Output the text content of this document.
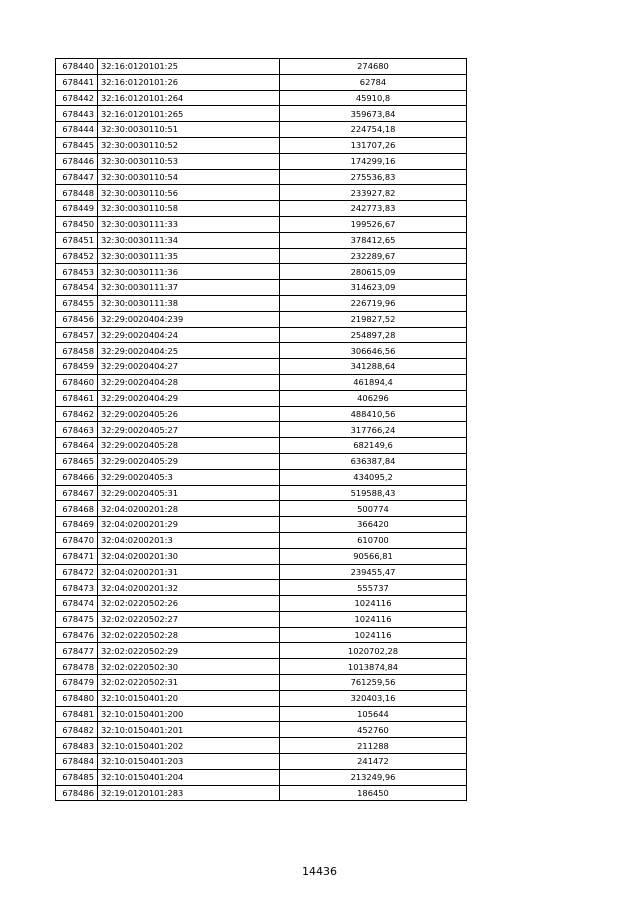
678440	32:16:0120101:25	274680
678441	32:16:0120101:26	62784
678442	32:16:0120101:264	45910,8
678443	32:16:0120101:265	359673,84
678444	32:30:0030110:51	224754,18
678445	32:30:0030110:52	131707,26
678446	32:30:0030110:53	174299,16
678447	32:30:0030110:54	275536,83
678448	32:30:0030110:56	233927,82
678449	32:30:0030110:58	242773,83
678450	32:30:0030111:33	199526,67
678451	32:30:0030111:34	378412,65
678452	32:30:0030111:35	232289,67
678453	32:30:0030111:36	280615,09
678454	32:30:0030111:37	314623,09
678455	32:30:0030111:38	226719,96
678456	32:29:0020404:239	219827,52
678457	32:29:0020404:24	254897,28
678458	32:29:0020404:25	306646,56
678459	32:29:0020404:27	341288,64
678460	32:29:0020404:28	461894,4
678461	32:29:0020404:29	406296
678462	32:29:0020405:26	488410,56
678463	32:29:0020405:27	317766,24
678464	32:29:0020405:28	682149,6
678465	32:29:0020405:29	636387,84
678466	32:29:0020405:3	434095,2
678467	32:29:0020405:31	519588,43
678468	32:04:0200201:28	500774
678469	32:04:0200201:29	366420
678470	32:04:0200201:3	610700
678471	32:04:0200201:30	90566,81
678472	32:04:0200201:31	239455,47
678473	32:04:0200201:32	555737
678474	32:02:0220502:26	1024116
678475	32:02:0220502:27	1024116
678476	32:02:0220502:28	1024116
678477	32:02:0220502:29	1020702,28
678478	32:02:0220502:30	1013874,84
678479	32:02:0220502:31	761259,56
678480	32:10:0150401:20	320403,16
678481	32:10:0150401:200	105644
678482	32:10:0150401:201	452760
678483	32:10:0150401:202	211288
678484	32:10:0150401:203	241472
678485	32:10:0150401:204	213249,96
678486	32:19:0120101:283	186450
14436
